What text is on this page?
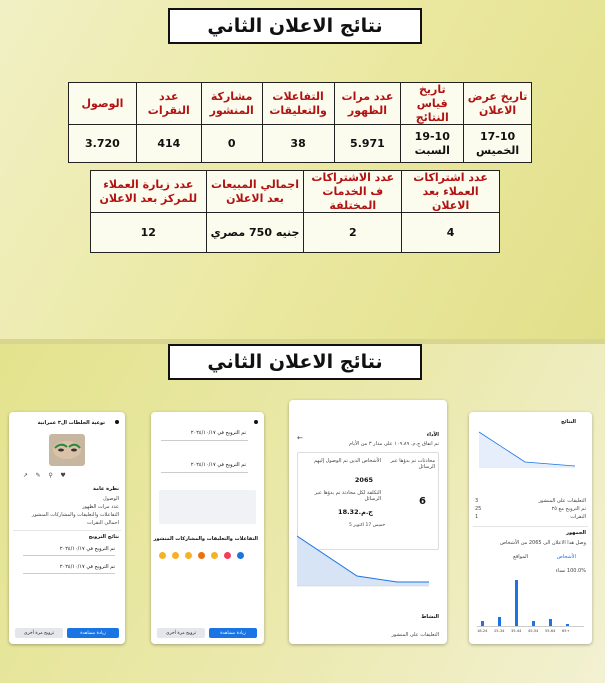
نتائج الاعلان الثاني
تاريخ عرض الاعلان	تاريخ قياس النتائج	عدد مرات الظهور	التفاعلات والتعليقات	مشاركة المنشور	عدد النقرات	الوصول
17-10 الخميس	19-10 السبت	5.971	38	0	414	3.720
عدد اشتراكات العملاء بعد الاعلان	عدد الاشتراكات ف الخدمات المختلفة	اجمالي المبيعات بعد الاعلان	عدد زيارة العملاء للمركز بعد الاعلان
4	2	جنيه 750 مصري	12
نتائج الاعلان الثاني
توعية الجلطات ال٣ عمرانية
♥    ⚲    ✎    ↗
نظرة عامة
الوصول
عدد مرات الظهور
التفاعلات والتعليقات والمشاركات المنشور
اجمالي النقرات
نتائج الترويج
تم الترويج في ٢٠٢٤/١٠/١٧
تم الترويج في ٢٠٢٤/١٠/١٧
زيادة مشاهدة
ترويج مرة أخرى
تم الترويج في ٢٠٢٤/١٠/١٧
تم الترويج في ٢٠٢٤/١٠/١٧
التفاعلات والتعليقات والمشاركات المنشور
زيادة مشاهدة
ترويج مرة أخرى
←	الأداء
تم انفاق ج.م. ١٠٩.٨٩ على مدار ٣ من الأيام
محادثات تم بدؤها عبر الرسائل
الأشخاص الذين تم الوصول إليهم
2065
التكلفة لكل محادثة تم بدؤها عبر الرسائل
ج.م.18.32
6
خميس 17 اكتوبر 5
النشاط
التعليقات على المنشور
النتائج
التعليقات على المنشور
3
تم الترويج مع ٢٥
25
النقرات
1
الجمهور
وصل هذا الاعلان الى 2065 من الأشخاص
الأشخاص
المواقع
100.0% نساء
18-24 25-34 35-44 45-54 55-64 65+
